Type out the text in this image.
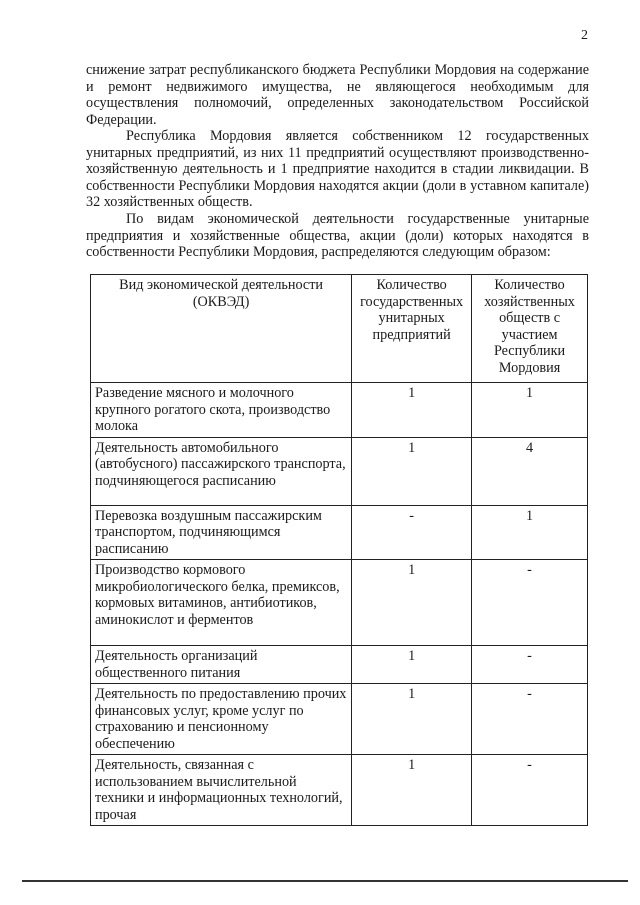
2

снижение затрат республиканского бюджета Республики Мордовия на содержание и ремонт недвижимого имущества, не являющегося необходимым для осуществления полномочий, определенных законодательством Российской Федерации.

Республика Мордовия является собственником 12 государственных унитарных предприятий, из них 11 предприятий осуществляют производственно-хозяйственную деятельность и 1 предприятие находится в стадии ликвидации. В собственности Республики Мордовия находятся акции (доли в уставном капитале) 32 хозяйственных обществ.

По видам экономической деятельности государственные унитарные предприятия и хозяйственные общества, акции (доли) которых находятся в собственности Республики Мордовия, распределяются следующим образом:

Вид экономической деятельности (ОКВЭД)	Количество государственных унитарных предприятий	Количество хозяйственных обществ с участием Республики Мордовия
Разведение мясного и молочного крупного рогатого скота, производство молока	1	1
Деятельность автомобильного (автобусного) пассажирского транспорта, подчиняющегося расписанию	1	4
Перевозка воздушным пассажирским транспортом, подчиняющимся расписанию	-	1
Производство кормового микробиологического белка, премиксов, кормовых витаминов, антибиотиков, аминокислот и ферментов	1	-
Деятельность организаций общественного питания	1	-
Деятельность по предоставлению прочих финансовых услуг, кроме услуг по страхованию и пенсионному обеспечению	1	-
Деятельность, связанная с использованием вычислительной техники и информационных технологий, прочая	1	-
